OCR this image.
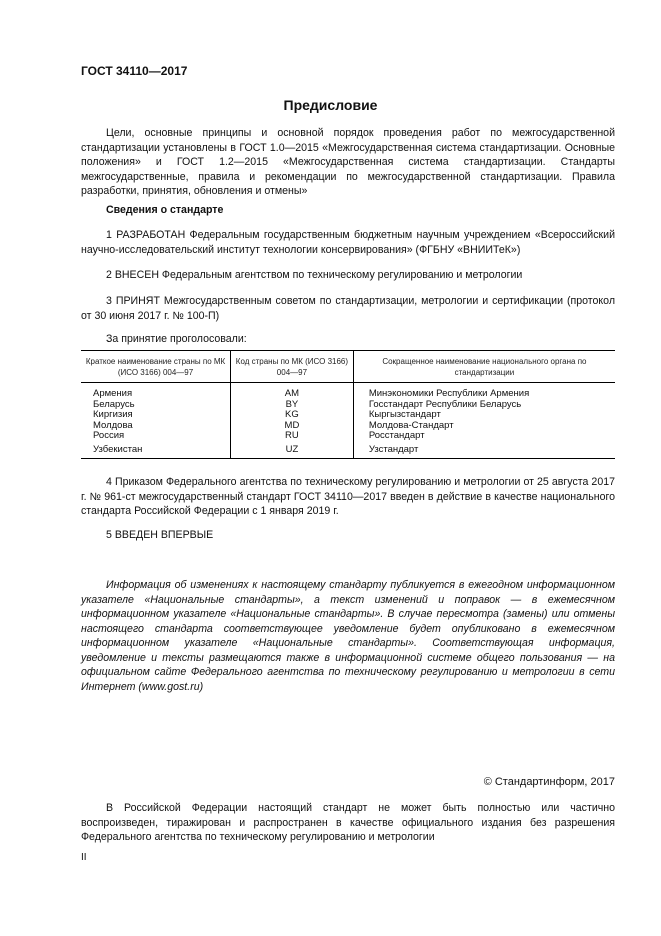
ГОСТ 34110—2017
Предисловие
Цели, основные принципы и основной порядок проведения работ по межгосударственной стандартизации установлены в ГОСТ 1.0—2015 «Межгосударственная система стандартизации. Основные положения» и ГОСТ 1.2—2015 «Межгосударственная система стандартизации. Стандарты межгосударственные, правила и рекомендации по межгосударственной стандартизации. Правила разработки, принятия, обновления и отмены»
Сведения о стандарте
1 РАЗРАБОТАН Федеральным государственным бюджетным научным учреждением «Всероссийский научно-исследовательский институт технологии консервирования» (ФГБНУ «ВНИИТеК»)
2 ВНЕСЕН Федеральным агентством по техническому регулированию и метрологии
3 ПРИНЯТ Межгосударственным советом по стандартизации, метрологии и сертификации (протокол от 30 июня 2017 г. № 100-П)
За принятие проголосовали:
Краткое наименование страны по МК (ИСО 3166) 004—97	Код страны по МК (ИСО 3166) 004—97	Сокращенное наименование национального органа по стандартизации
Армения	AM	Минэкономики Республики Армения
Беларусь	BY	Госстандарт Республики Беларусь
Киргизия	KG	Кыргызстандарт
Молдова	MD	Молдова-Стандарт
Россия	RU	Росстандарт
Узбекистан	UZ	Узстандарт
4 Приказом Федерального агентства по техническому регулированию и метрологии от 25 августа 2017 г. № 961-ст межгосударственный стандарт ГОСТ 34110—2017 введен в действие в качестве национального стандарта Российской Федерации с 1 января 2019 г.
5 ВВЕДЕН ВПЕРВЫЕ
Информация об изменениях к настоящему стандарту публикуется в ежегодном информационном указателе «Национальные стандарты», а текст изменений и поправок — в ежемесячном информационном указателе «Национальные стандарты». В случае пересмотра (замены) или отмены настоящего стандарта соответствующее уведомление будет опубликовано в ежемесячном информационном указателе «Национальные стандарты». Соответствующая информация, уведомление и тексты размещаются также в информационной системе общего пользования — на официальном сайте Федерального агентства по техническому регулированию и метрологии в сети Интернет (www.gost.ru)
© Стандартинформ, 2017
В Российской Федерации настоящий стандарт не может быть полностью или частично воспроизведен, тиражирован и распространен в качестве официального издания без разрешения Федерального агентства по техническому регулированию и метрологии
II
